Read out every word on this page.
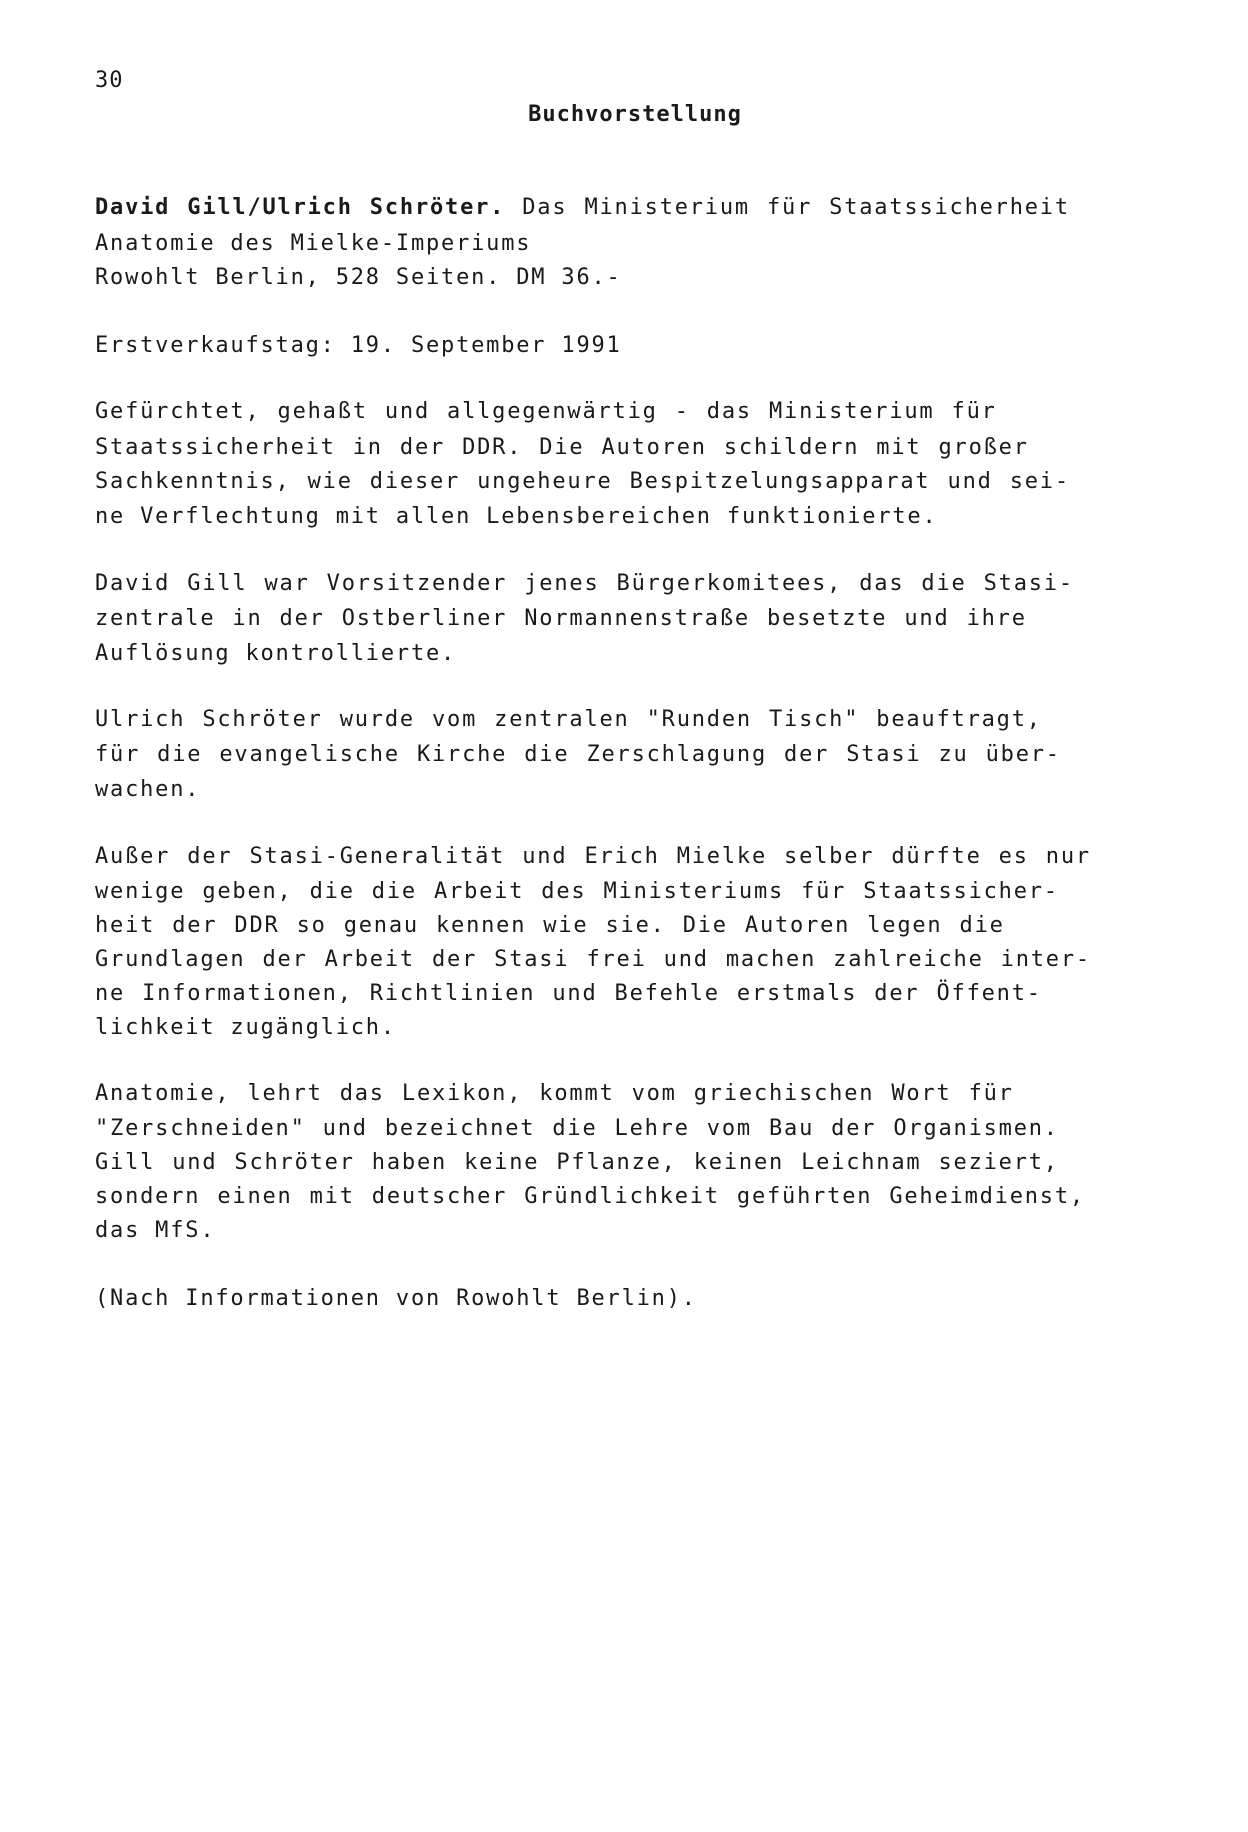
30
Buchvorstellung
David Gill/Ulrich Schröter. Das Ministerium für Staatssicherheit
Anatomie des Mielke-Imperiums
Rowohlt Berlin, 528 Seiten. DM 36.-
Erstverkaufstag: 19. September 1991
Gefürchtet, gehaßt und allgegenwärtig - das Ministerium für
Staatssicherheit in der DDR. Die Autoren schildern mit großer
Sachkenntnis, wie dieser ungeheure Bespitzelungsapparat und sei-
ne Verflechtung mit allen Lebensbereichen funktionierte.
David Gill war Vorsitzender jenes Bürgerkomitees, das die Stasi-
zentrale in der Ostberliner Normannenstraße besetzte und ihre
Auflösung kontrollierte.
Ulrich Schröter wurde vom zentralen "Runden Tisch" beauftragt,
für die evangelische Kirche die Zerschlagung der Stasi zu über-
wachen.
Außer der Stasi-Generalität und Erich Mielke selber dürfte es nur
wenige geben, die die Arbeit des Ministeriums für Staatssicher-
heit der DDR so genau kennen wie sie. Die Autoren legen die
Grundlagen der Arbeit der Stasi frei und machen zahlreiche inter-
ne Informationen, Richtlinien und Befehle erstmals der Öffent-
lichkeit zugänglich.
Anatomie, lehrt das Lexikon, kommt vom griechischen Wort für
"Zerschneiden" und bezeichnet die Lehre vom Bau der Organismen.
Gill und Schröter haben keine Pflanze, keinen Leichnam seziert,
sondern einen mit deutscher Gründlichkeit geführten Geheimdienst,
das MfS.
(Nach Informationen von Rowohlt Berlin).
